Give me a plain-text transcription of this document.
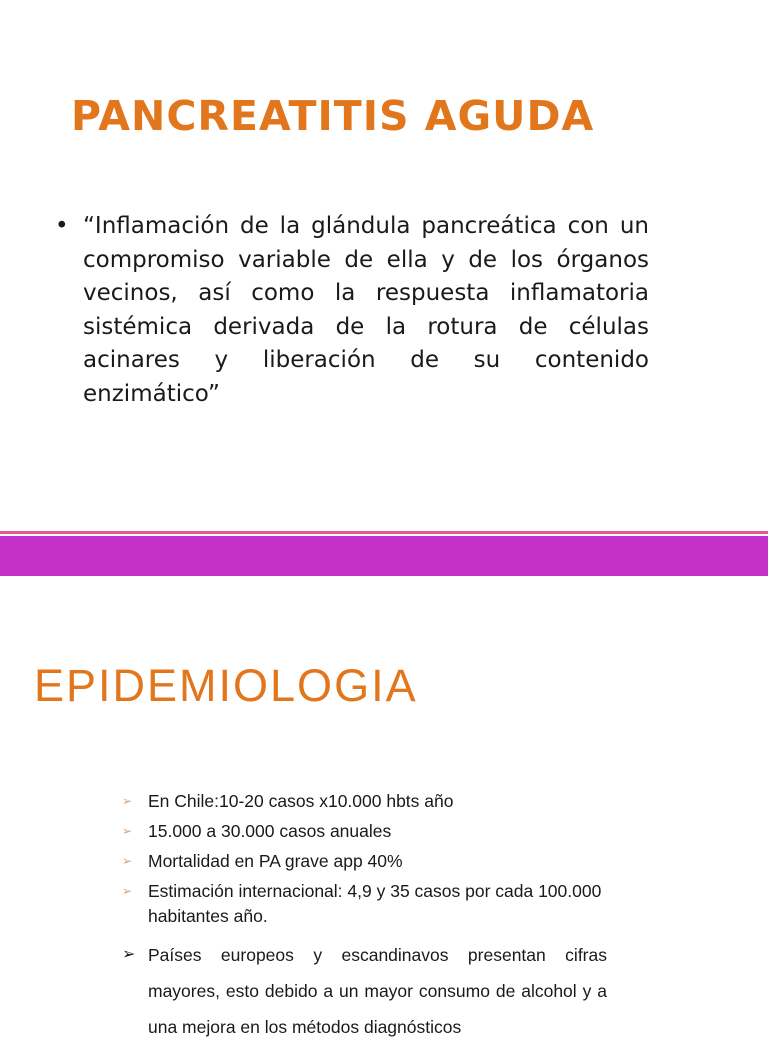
PANCREATITIS AGUDA
• “Inflamación de la glándula pancreática con un compromiso variable de ella y de los órganos vecinos, así como la respuesta inflamatoria sistémica derivada de la rotura de células acinares y liberación de su contenido enzimático”
EPIDEMIOLOGIA
➢ En Chile:10-20 casos x10.000 hbts año
➢ 15.000 a 30.000 casos anuales
➢ Mortalidad en PA grave app 40%
➢ Estimación internacional: 4,9 y 35 casos por cada 100.000 habitantes año.
➢ Países europeos y escandinavos presentan cifras mayores, esto debido a un mayor consumo de alcohol y a una mejora en los métodos diagnósticos
